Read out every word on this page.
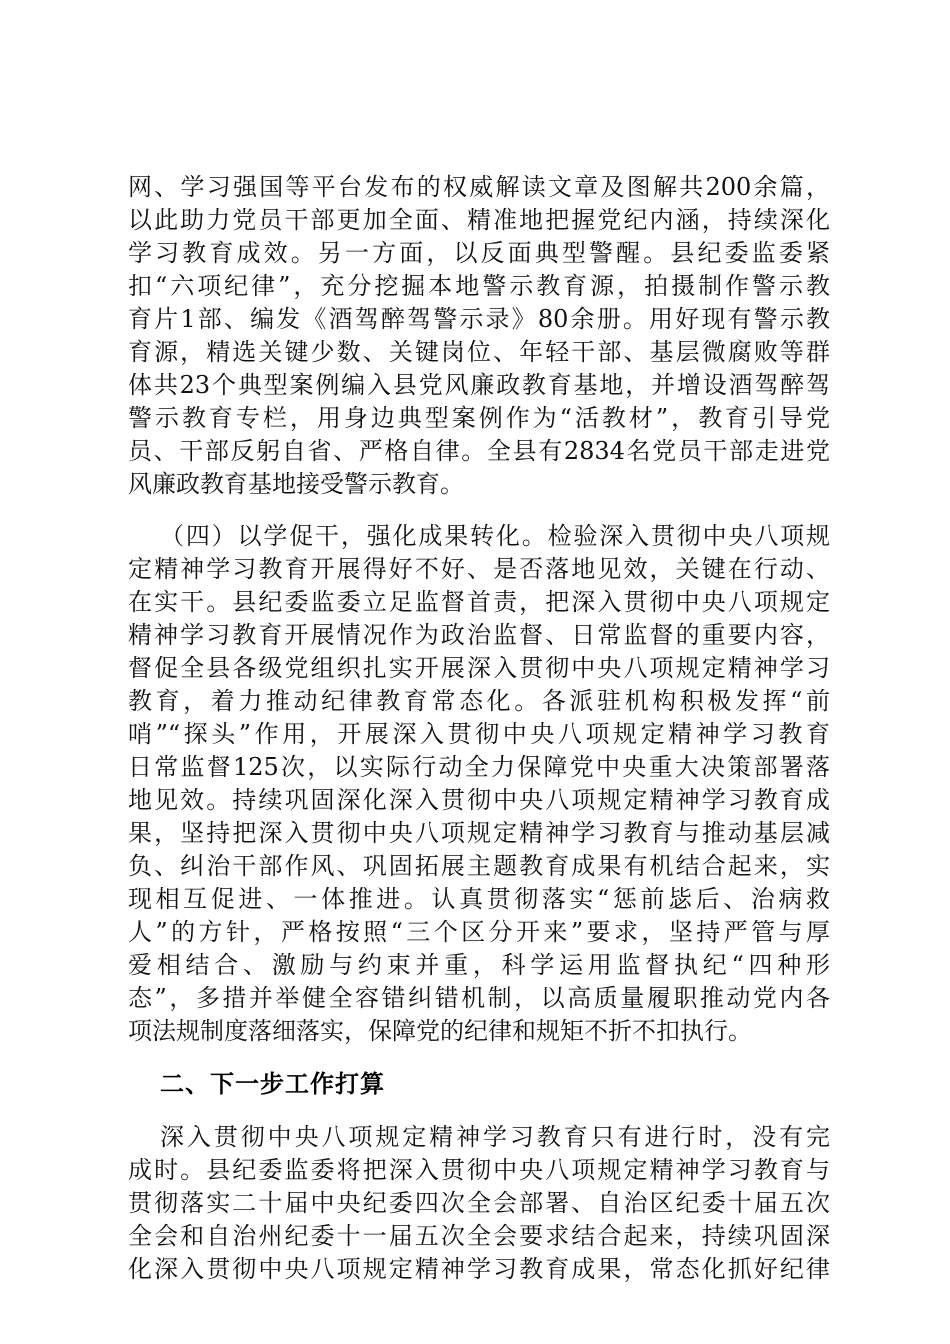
网、学习强国等平台发布的权威解读文章及图解共200余篇，
以此助力党员干部更加全面、精准地把握党纪内涵，持续深化
学习教育成效。另一方面，以反面典型警醒。县纪委监委紧
扣“六项纪律”，充分挖掘本地警示教育源，拍摄制作警示教
育片1部、编发《酒驾醉驾警示录》80余册。用好现有警示教
育源，精选关键少数、关键岗位、年轻干部、基层微腐败等群
体共23个典型案例编入县党风廉政教育基地，并增设酒驾醉驾
警示教育专栏，用身边典型案例作为“活教材”，教育引导党
员、干部反躬自省、严格自律。全县有2834名党员干部走进党
风廉政教育基地接受警示教育。
（四）以学促干，强化成果转化。检验深入贯彻中央八项规
定精神学习教育开展得好不好、是否落地见效，关键在行动、
在实干。县纪委监委立足监督首责，把深入贯彻中央八项规定
精神学习教育开展情况作为政治监督、日常监督的重要内容，
督促全县各级党组织扎实开展深入贯彻中央八项规定精神学习
教育，着力推动纪律教育常态化。各派驻机构积极发挥“前
哨”“探头”作用，开展深入贯彻中央八项规定精神学习教育
日常监督125次，以实际行动全力保障党中央重大决策部署落
地见效。持续巩固深化深入贯彻中央八项规定精神学习教育成
果，坚持把深入贯彻中央八项规定精神学习教育与推动基层减
负、纠治干部作风、巩固拓展主题教育成果有机结合起来，实
现相互促进、一体推进。认真贯彻落实“惩前毖后、治病救
人”的方针，严格按照“三个区分开来”要求，坚持严管与厚
爱相结合、激励与约束并重，科学运用监督执纪“四种形
态”，多措并举健全容错纠错机制，以高质量履职推动党内各
项法规制度落细落实，保障党的纪律和规矩不折不扣执行。
二、下一步工作打算
深入贯彻中央八项规定精神学习教育只有进行时，没有完
成时。县纪委监委将把深入贯彻中央八项规定精神学习教育与
贯彻落实二十届中央纪委四次全会部署、自治区纪委十届五次
全会和自治州纪委十一届五次全会要求结合起来，持续巩固深
化深入贯彻中央八项规定精神学习教育成果，常态化抓好纪律
